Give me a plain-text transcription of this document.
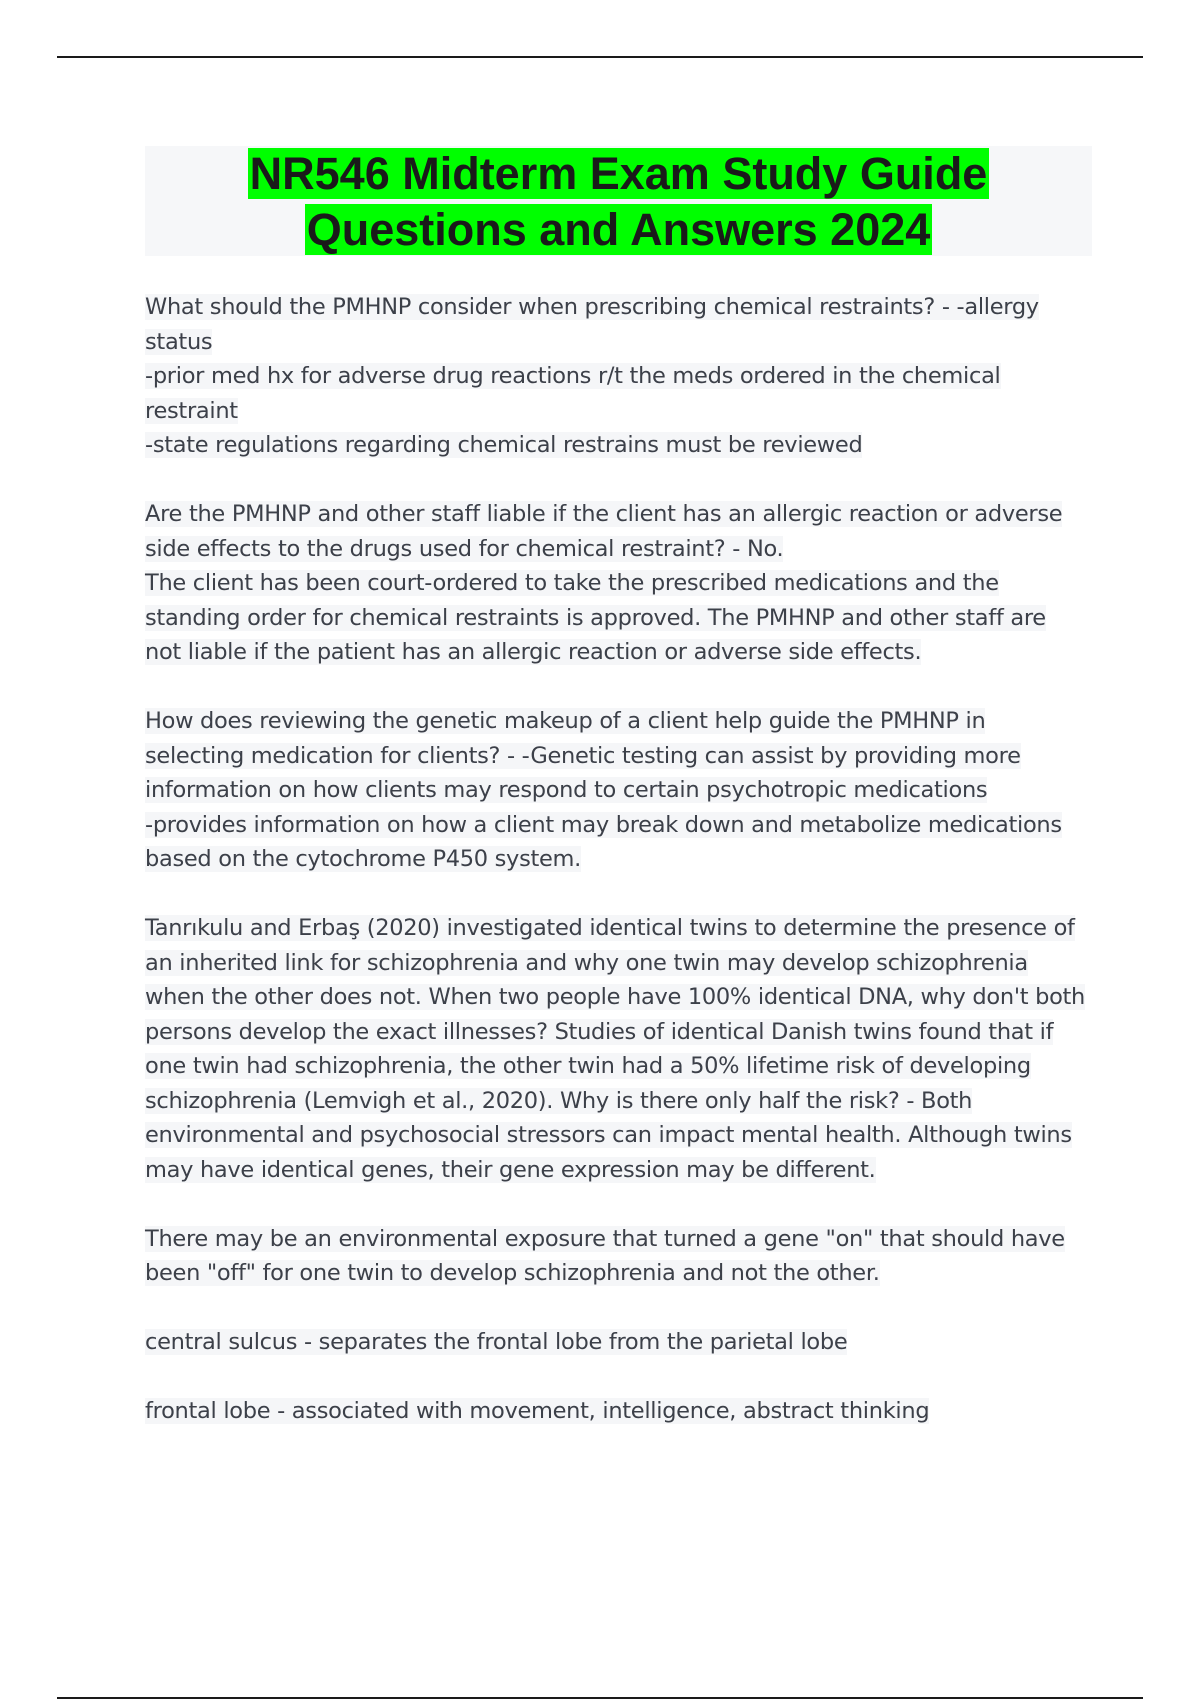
NR546 Midterm Exam Study Guide
Questions and Answers 2024
What should the PMHNP consider when prescribing chemical restraints? - -allergy
status
-prior med hx for adverse drug reactions r/t the meds ordered in the chemical
restraint
-state regulations regarding chemical restrains must be reviewed
Are the PMHNP and other staff liable if the client has an allergic reaction or adverse
side effects to the drugs used for chemical restraint? - No.
The client has been court-ordered to take the prescribed medications and the
standing order for chemical restraints is approved. The PMHNP and other staff are
not liable if the patient has an allergic reaction or adverse side effects.
How does reviewing the genetic makeup of a client help guide the PMHNP in
selecting medication for clients? - -Genetic testing can assist by providing more
information on how clients may respond to certain psychotropic medications
-provides information on how a client may break down and metabolize medications
based on the cytochrome P450 system.
Tanrıkulu and Erbaş (2020) investigated identical twins to determine the presence of
an inherited link for schizophrenia and why one twin may develop schizophrenia
when the other does not. When two people have 100% identical DNA, why don't both
persons develop the exact illnesses? Studies of identical Danish twins found that if
one twin had schizophrenia, the other twin had a 50% lifetime risk of developing
schizophrenia (Lemvigh et al., 2020). Why is there only half the risk? - Both
environmental and psychosocial stressors can impact mental health. Although twins
may have identical genes, their gene expression may be different.
There may be an environmental exposure that turned a gene "on" that should have
been "off" for one twin to develop schizophrenia and not the other.
central sulcus - separates the frontal lobe from the parietal lobe
frontal lobe - associated with movement, intelligence, abstract thinking
